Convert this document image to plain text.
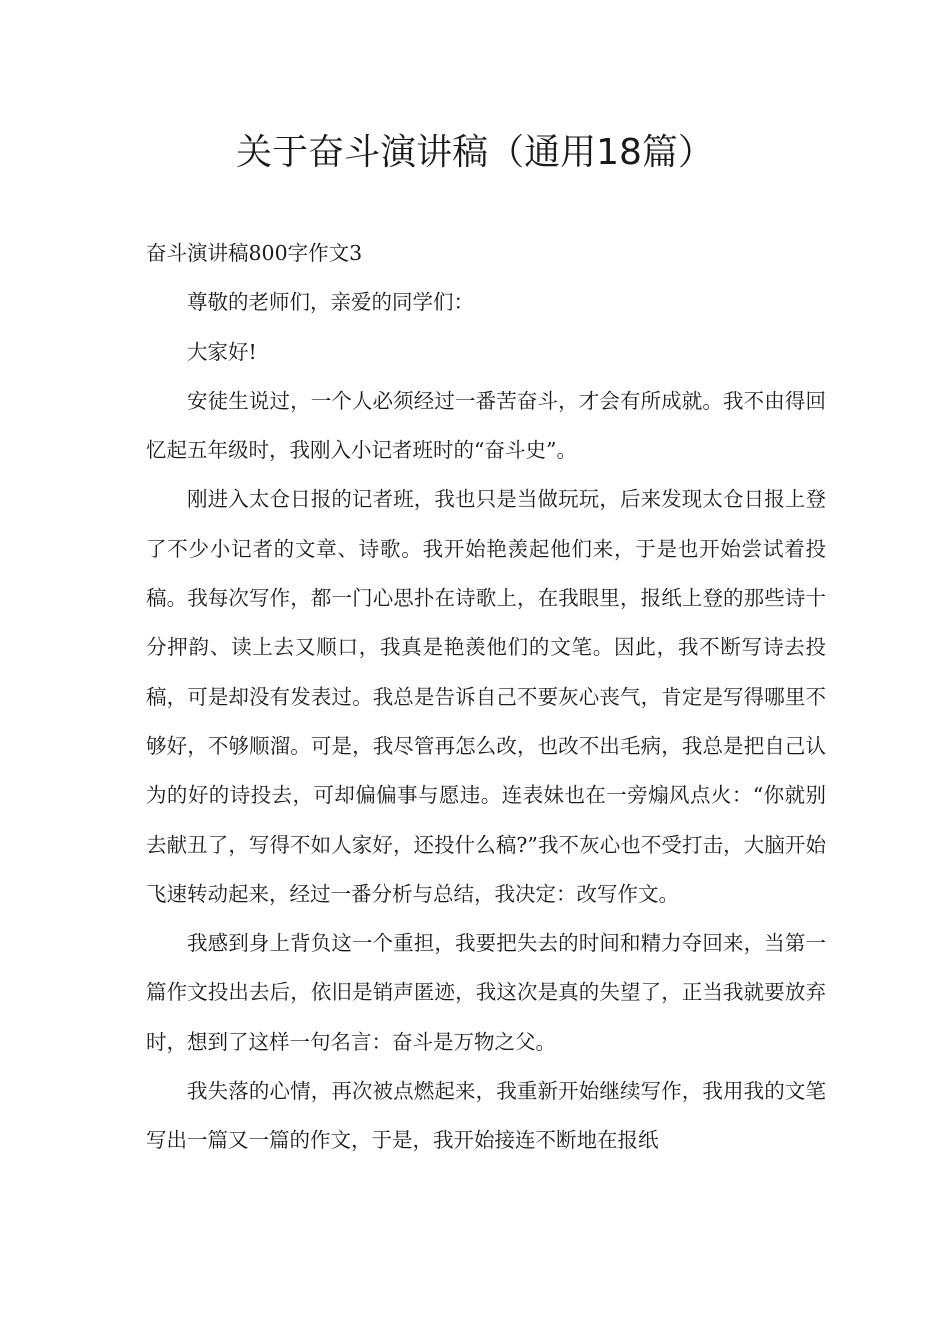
关于奋斗演讲稿（通用18篇）

奋斗演讲稿800字作文3

尊敬的老师们，亲爱的同学们：

大家好!

安徒生说过，一个人必须经过一番苦奋斗，才会有所成就。我不由得回忆起五年级时，我刚入小记者班时的“奋斗史”。

刚进入太仓日报的记者班，我也只是当做玩玩，后来发现太仓日报上登了不少小记者的文章、诗歌。我开始艳羡起他们来，于是也开始尝试着投稿。我每次写作，都一门心思扑在诗歌上，在我眼里，报纸上登的那些诗十分押韵、读上去又顺口，我真是艳羡他们的文笔。因此，我不断写诗去投稿，可是却没有发表过。我总是告诉自己不要灰心丧气，肯定是写得哪里不够好，不够顺溜。可是，我尽管再怎么改，也改不出毛病，我总是把自己认为的好的诗投去，可却偏偏事与愿违。连表妹也在一旁煽风点火：“你就别去献丑了，写得不如人家好，还投什么稿?”我不灰心也不受打击，大脑开始飞速转动起来，经过一番分析与总结，我决定：改写作文。

我感到身上背负这一个重担，我要把失去的时间和精力夺回来，当第一篇作文投出去后，依旧是销声匿迹，我这次是真的失望了，正当我就要放弃时，想到了这样一句名言：奋斗是万物之父。

我失落的心情，再次被点燃起来，我重新开始继续写作，我用我的文笔写出一篇又一篇的作文，于是，我开始接连不断地在报纸
